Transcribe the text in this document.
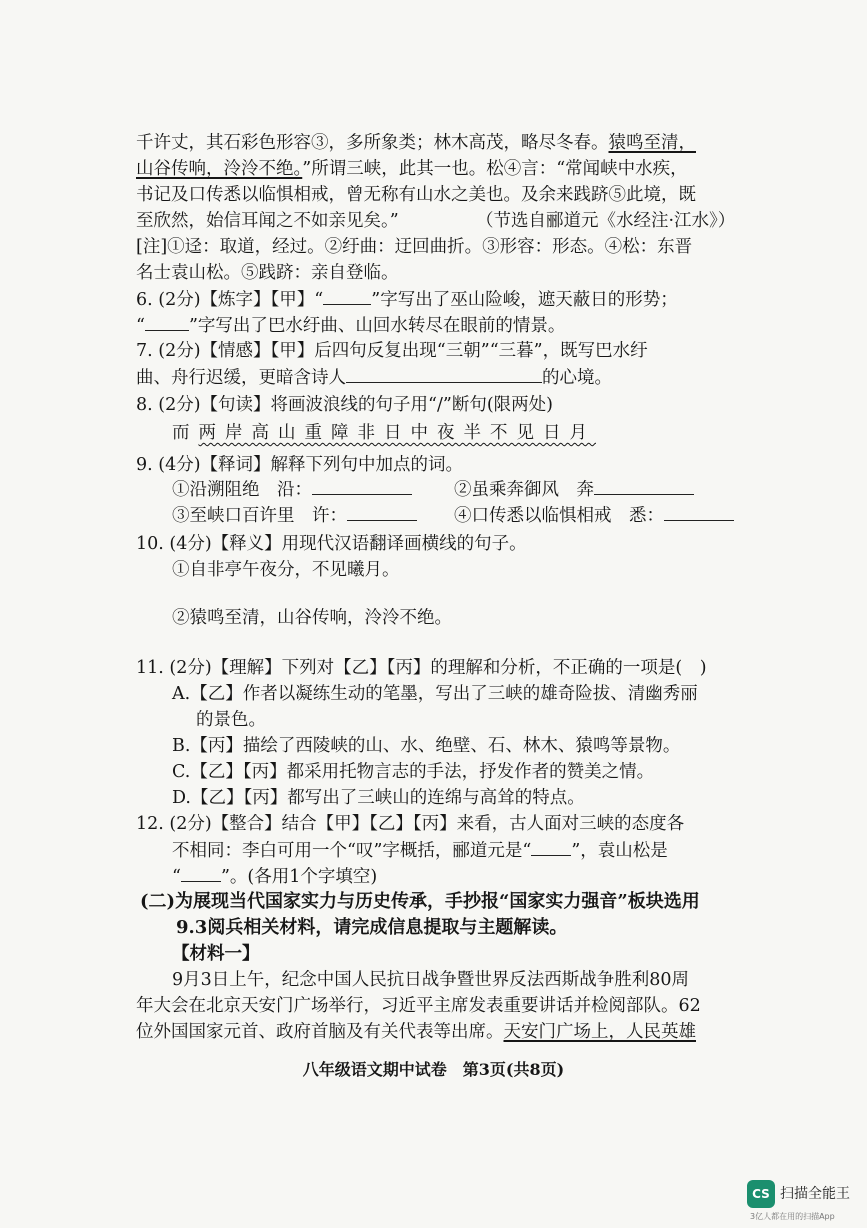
千许丈，其石彩色形容③，多所象类；林木高茂，略尽冬春。猿鸣至清，
山谷传响，泠泠不绝。”所谓三峡，此其一也。松④言：“常闻峡中水疾，
书记及口传悉以临惧相戒，曾无称有山水之美也。及余来践跻⑤此境，既
至欣然，始信耳闻之不如亲见矣。”	（节选自郦道元《水经注·江水》）
[注]①迳：取道，经过。②纡曲：迂回曲折。③形容：形态。④松：东晋
名士袁山松。⑤践跻：亲自登临。
6. (2分)【炼字】【甲】“	”字写出了巫山险峻，遮天蔽日的形势；
“	”字写出了巴水纡曲、山回水转尽在眼前的情景。
7. (2分)【情感】【甲】后四句反复出现“三朝”“三暮”，既写巴水纡
曲、舟行迟缓，更暗含诗人	的心境。
8. (2分)【句读】将画波浪线的句子用“/”断句(限两处)
而两岸高山重障非日中夜半不见日月
9. (4分)【释词】解释下列句中加点的词。
①沿溯阻绝　沿：	②虽乘奔御风　奔
③至峡口百许里　许：	④口传悉以临惧相戒　悉：
10. (4分)【释义】用现代汉语翻译画横线的句子。
①自非亭午夜分，不见曦月。
②猿鸣至清，山谷传响，泠泠不绝。
11. (2分)【理解】下列对【乙】【丙】的理解和分析，不正确的一项是(　)
A.【乙】作者以凝练生动的笔墨，写出了三峡的雄奇险拔、清幽秀丽
的景色。
B.【丙】描绘了西陵峡的山、水、绝壁、石、林木、猿鸣等景物。
C.【乙】【丙】都采用托物言志的手法，抒发作者的赞美之情。
D.【乙】【丙】都写出了三峡山的连绵与高耸的特点。
12. (2分)【整合】结合【甲】【乙】【丙】来看，古人面对三峡的态度各
不相同：李白可用一个“叹”字概括，郦道元是“ ”，袁山松是
“ ”。(各用1个字填空)
(二)为展现当代国家实力与历史传承，手抄报“国家实力强音”板块选用
9.3阅兵相关材料，请完成信息提取与主题解读。
【材料一】
9月3日上午，纪念中国人民抗日战争暨世界反法西斯战争胜利80周
年大会在北京天安门广场举行，习近平主席发表重要讲话并检阅部队。62
位外国国家元首、政府首脑及有关代表等出席。天安门广场上，人民英雄
八年级语文期中试卷　第3页(共8页)
CS 扫描全能王
3亿人都在用的扫描App
